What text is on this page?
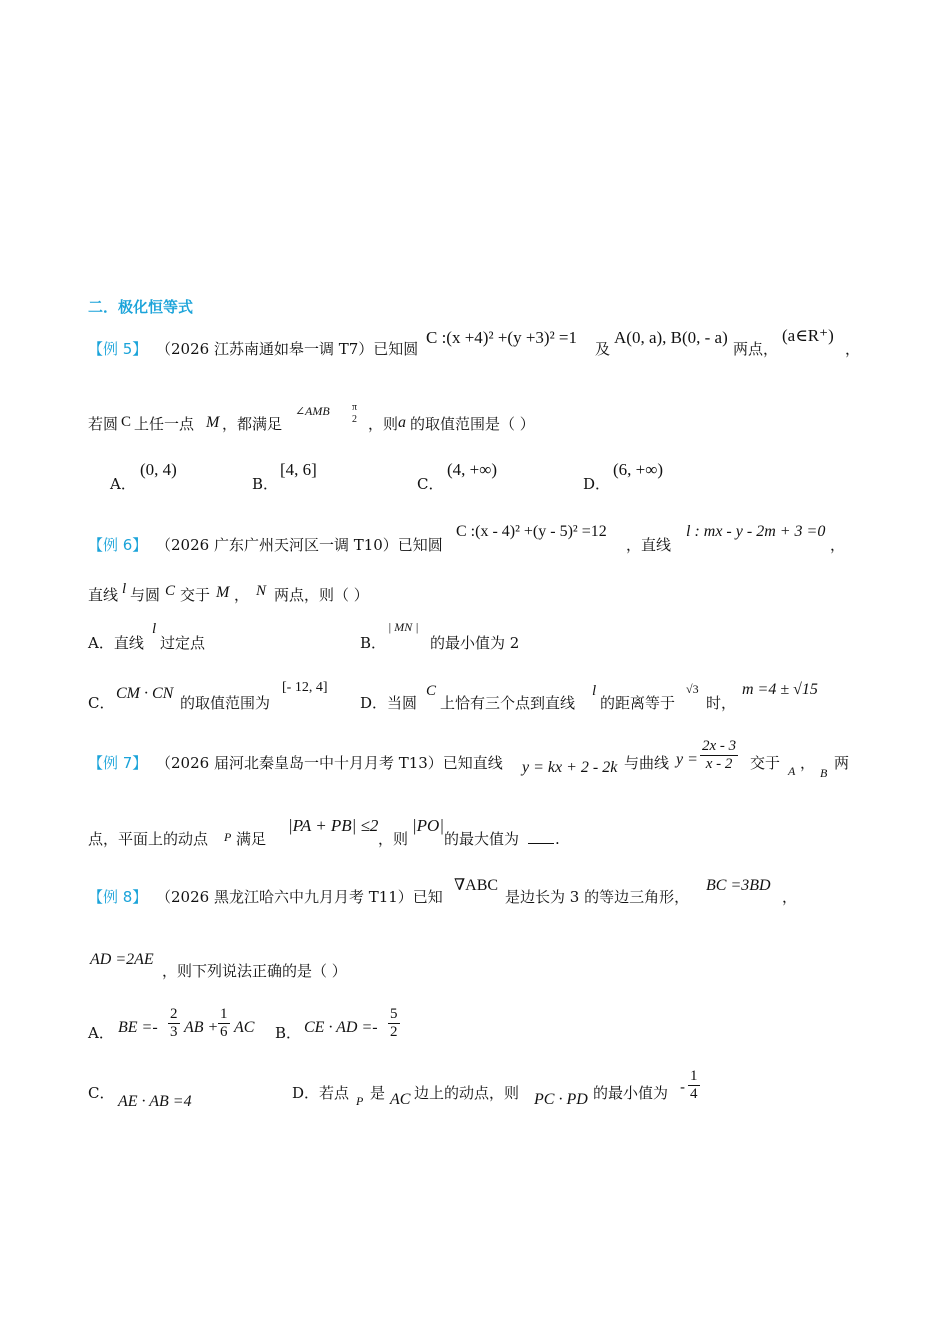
二．极化恒等式
【例 5】 （2026 江苏南通如皋一调 T7）已知圆
C :(x +4)² +(y +3)² =1
及
A(0, a), B(0, - a)
两点，
(a∈R⁺)
，
若圆 C 上任一点 M ，都满足
∠AMB π
2 ，则 a 的取值范围是（ ）
A．
(0, 4)
B．
[4, 6]
C．
(4, +∞)
D．
(6, +∞)
【例 6】 （2026 广东广州天河区一调 T10）已知圆
C :(x - 4)² +(y - 5)² =12
，直线
l : mx - y - 2m + 3 =0
，
直线 l 与圆 C 交于 M ， N 两点，则（ ）
A．直线
l
过定点	B．
| MN |
的最小值为 2
C．
CM · CN
的取值范围为
[- 12, 4]
D．当圆
C
上恰有三个点到直线
l
的距离等于
√3
时，
m =4 ± √15
【例 7】 （2026 届河北秦皇岛一中十月月考 T13）已知直线 y = kx + 2 - 2k 与曲线 $y = \frac{2x - 3}{x - 2}$ 交于 A ，
B
两
点，平面上的动点 P 满足
|PA + PB| ≤2
，则
|PO|
的最大值为 .
【例 8】 （2026 黑龙江哈六中九月月考 T11）已知
∇ABC
是边长为 3 的等边三角形，
BC =3BD
，
AD =2AE
，则下列说法正确的是（ ）
A． BE =- $\frac{2}{3}$ AB + $\frac{1}{6}$ AC B． CE · AD =- $\frac{5}{2}$
C． AE · AB =4	D．若点 P 是 AC 边上的动点，则 PC · PD 的最小值为 - $\frac{1}{4}$
